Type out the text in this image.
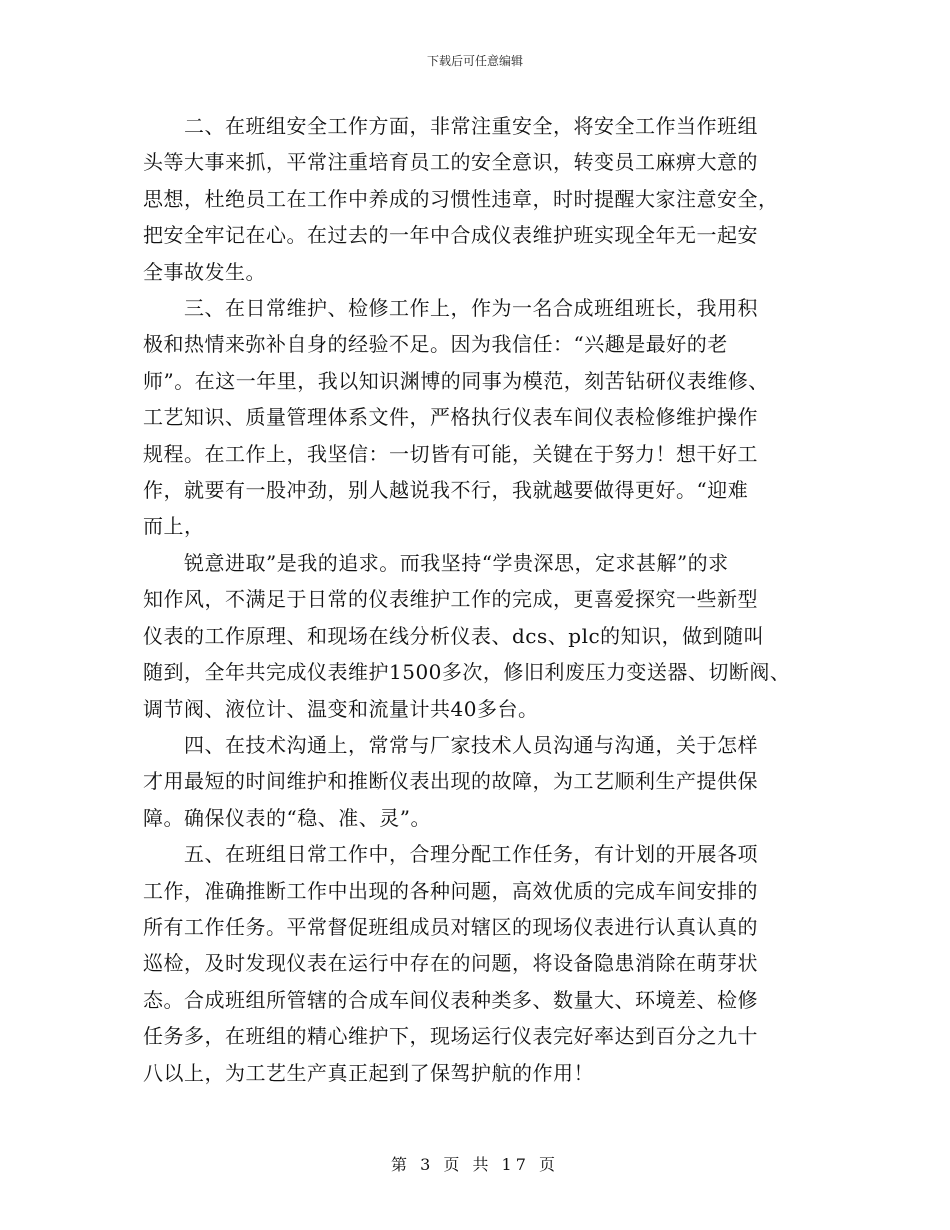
下载后可任意编辑

　　二、在班组安全工作方面，非常注重安全，将安全工作当作班组
头等大事来抓，平常注重培育员工的安全意识，转变员工麻痹大意的
思想，杜绝员工在工作中养成的习惯性违章，时时提醒大家注意安全，
把安全牢记在心。在过去的一年中合成仪表维护班实现全年无一起安
全事故发生。

　　三、在日常维护、检修工作上，作为一名合成班组班长，我用积
极和热情来弥补自身的经验不足。因为我信任：“兴趣是最好的老
师”。在这一年里，我以知识渊博的同事为模范，刻苦钻研仪表维修、
工艺知识、质量管理体系文件，严格执行仪表车间仪表检修维护操作
规程。在工作上，我坚信：一切皆有可能，关键在于努力！想干好工
作，就要有一股冲劲，别人越说我不行，我就越要做得更好。“迎难
而上，

　　锐意进取”是我的追求。而我坚持“学贵深思，定求甚解”的求
知作风，不满足于日常的仪表维护工作的完成，更喜爱探究一些新型
仪表的工作原理、和现场在线分析仪表、dcs、plc的知识，做到随叫
随到，全年共完成仪表维护1500多次，修旧利废压力变送器、切断阀、
调节阀、液位计、温变和流量计共40多台。

　　四、在技术沟通上，常常与厂家技术人员沟通与沟通，关于怎样
才用最短的时间维护和推断仪表出现的故障，为工艺顺利生产提供保
障。确保仪表的“稳、准、灵”。

　　五、在班组日常工作中，合理分配工作任务，有计划的开展各项
工作，准确推断工作中出现的各种问题，高效优质的完成车间安排的
所有工作任务。平常督促班组成员对辖区的现场仪表进行认真认真的
巡检，及时发现仪表在运行中存在的问题，将设备隐患消除在萌芽状
态。合成班组所管辖的合成车间仪表种类多、数量大、环境差、检修
任务多，在班组的精心维护下，现场运行仪表完好率达到百分之九十
八以上，为工艺生产真正起到了保驾护航的作用！

第 3 页 共 17 页
